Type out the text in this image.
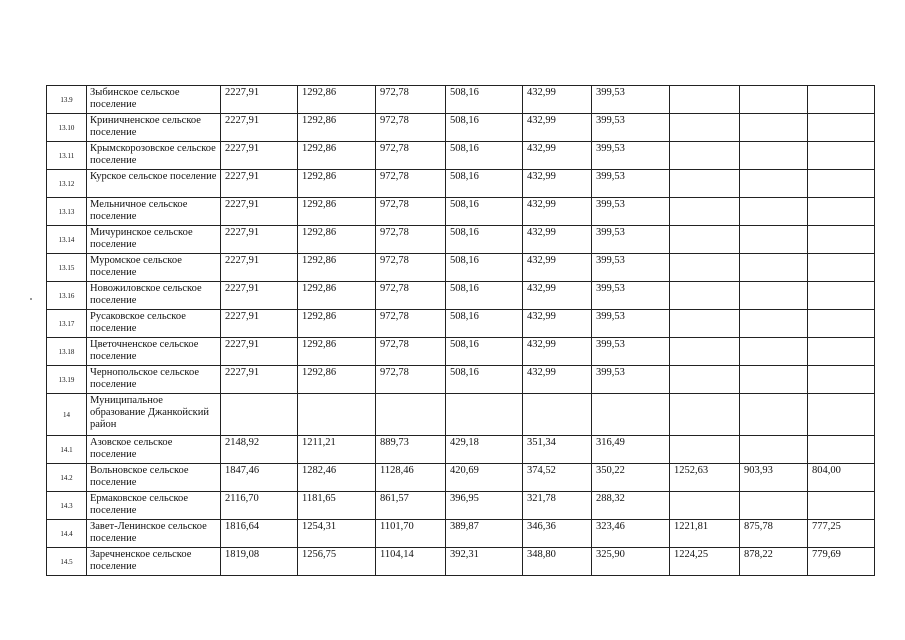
13.9	Зыбинское сельское поселение	2227,91	1292,86	972,78	508,16	432,99	399,53			
13.10	Криничненское сельское поселение	2227,91	1292,86	972,78	508,16	432,99	399,53			
13.11	Крымскорозовское сельское поселение	2227,91	1292,86	972,78	508,16	432,99	399,53			
13.12	Курское сельское поселение	2227,91	1292,86	972,78	508,16	432,99	399,53			
13.13	Мельничное сельское поселение	2227,91	1292,86	972,78	508,16	432,99	399,53			
13.14	Мичуринское сельское поселение	2227,91	1292,86	972,78	508,16	432,99	399,53			
13.15	Муромское сельское поселение	2227,91	1292,86	972,78	508,16	432,99	399,53			
13.16	Новожиловское сельское поселение	2227,91	1292,86	972,78	508,16	432,99	399,53			
13.17	Русаковское сельское поселение	2227,91	1292,86	972,78	508,16	432,99	399,53			
13.18	Цветочненское сельское поселение	2227,91	1292,86	972,78	508,16	432,99	399,53			
13.19	Чернопольское сельское поселение	2227,91	1292,86	972,78	508,16	432,99	399,53			
14	Муниципальное образование Джанкойский район									
14.1	Азовское сельское поселение	2148,92	1211,21	889,73	429,18	351,34	316,49			
14.2	Вольновское сельское поселение	1847,46	1282,46	1128,46	420,69	374,52	350,22	1252,63	903,93	804,00
14.3	Ермаковское сельское поселение	2116,70	1181,65	861,57	396,95	321,78	288,32			
14.4	Завет-Ленинское сельское поселение	1816,64	1254,31	1101,70	389,87	346,36	323,46	1221,81	875,78	777,25
14.5	Заречненское сельское поселение	1819,08	1256,75	1104,14	392,31	348,80	325,90	1224,25	878,22	779,69
